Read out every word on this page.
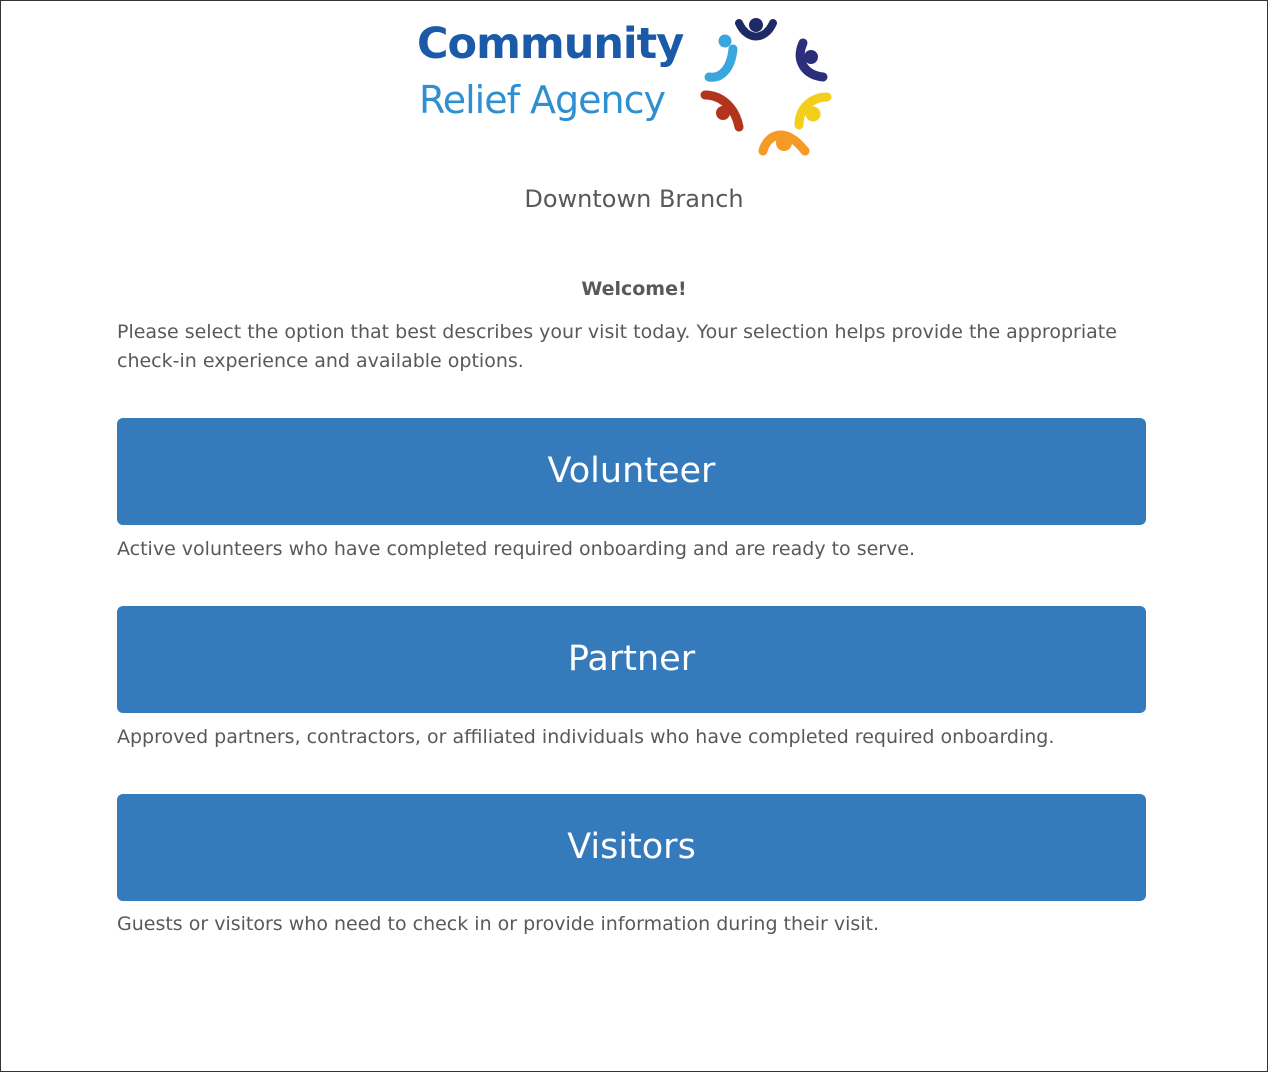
Community
Relief Agency
Downtown Branch
Welcome!
Please select the option that best describes your visit today. Your selection helps provide the appropriate check-in experience and available options.
Volunteer
Active volunteers who have completed required onboarding and are ready to serve.
Partner
Approved partners, contractors, or affiliated individuals who have completed required onboarding.
Visitors
Guests or visitors who need to check in or provide information during their visit.
